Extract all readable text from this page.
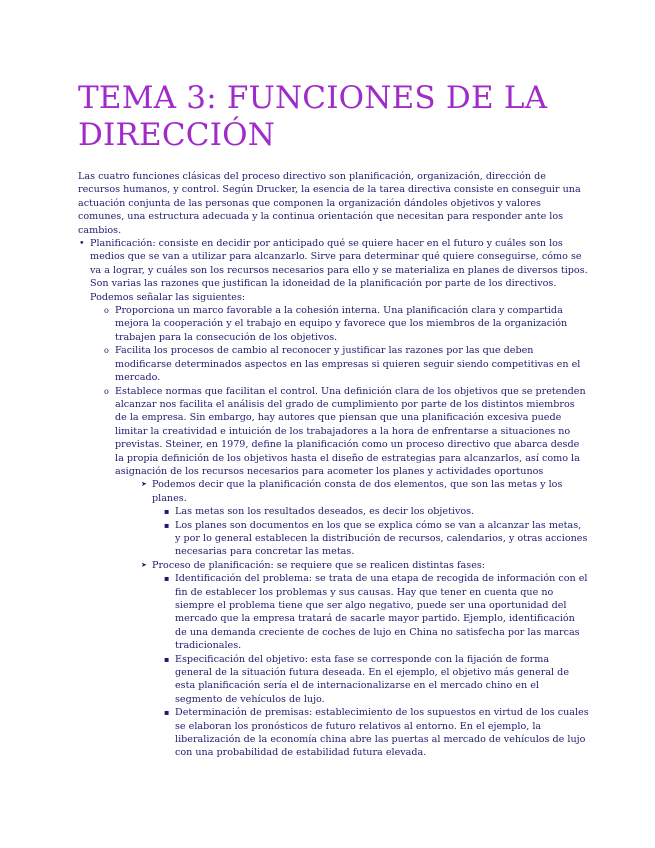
TEMA 3: FUNCIONES DE LA DIRECCIÓN

Las cuatro funciones clásicas del proceso directivo son planificación, organización, dirección de recursos humanos, y control. Según Drucker, la esencia de la tarea directiva consiste en conseguir una actuación conjunta de las personas que componen la organización dándoles objetivos y valores comunes, una estructura adecuada y la continua orientación que necesitan para responder ante los cambios.

• Planificación: consiste en decidir por anticipado qué se quiere hacer en el futuro y cuáles son los medios que se van a utilizar para alcanzarlo. Sirve para determinar qué quiere conseguirse, cómo se va a lograr, y cuáles son los recursos necesarios para ello y se materializa en planes de diversos tipos. Son varias las razones que justifican la idoneidad de la planificación por parte de los directivos. Podemos señalar las siguientes:
o Proporciona un marco favorable a la cohesión interna. Una planificación clara y compartida mejora la cooperación y el trabajo en equipo y favorece que los miembros de la organización trabajen para la consecución de los objetivos.
o Facilita los procesos de cambio al reconocer y justificar las razones por las que deben modificarse determinados aspectos en las empresas si quieren seguir siendo competitivas en el mercado.
o Establece normas que facilitan el control. Una definición clara de los objetivos que se pretenden alcanzar nos facilita el análisis del grado de cumplimiento por parte de los distintos miembros de la empresa. Sin embargo, hay autores que piensan que una planificación excesiva puede limitar la creatividad e intuición de los trabajadores a la hora de enfrentarse a situaciones no previstas. Steiner, en 1979, define la planificación como un proceso directivo que abarca desde la propia definición de los objetivos hasta el diseño de estrategias para alcanzarlos, así como la asignación de los recursos necesarios para acometer los planes y actividades oportunos
➤ Podemos decir que la planificación consta de dos elementos, que son las metas y los planes.
▪ Las metas son los resultados deseados, es decir los objetivos.
▪ Los planes son documentos en los que se explica cómo se van a alcanzar las metas, y por lo general establecen la distribución de recursos, calendarios, y otras acciones necesarias para concretar las metas.
➤ Proceso de planificación: se requiere que se realicen distintas fases:
▪ Identificación del problema: se trata de una etapa de recogida de información con el fin de establecer los problemas y sus causas. Hay que tener en cuenta que no siempre el problema tiene que ser algo negativo, puede ser una oportunidad del mercado que la empresa tratará de sacarle mayor partido. Ejemplo, identificación de una demanda creciente de coches de lujo en China no satisfecha por las marcas tradicionales.
▪ Especificación del objetivo: esta fase se corresponde con la fijación de forma general de la situación futura deseada. En el ejemplo, el objetivo más general de esta planificación sería el de internacionalizarse en el mercado chino en el segmento de vehículos de lujo.
▪ Determinación de premisas: establecimiento de los supuestos en virtud de los cuales se elaboran los pronósticos de futuro relativos al entorno. En el ejemplo, la liberalización de la economía china abre las puertas al mercado de vehículos de lujo con una probabilidad de estabilidad futura elevada.
